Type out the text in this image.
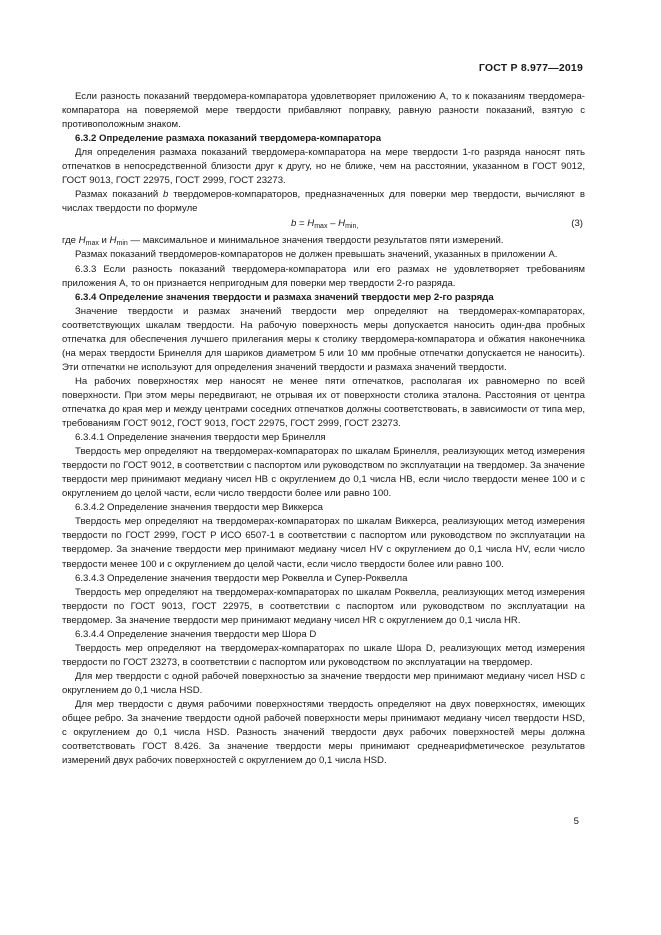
ГОСТ Р 8.977—2019

Если разность показаний твердомера-компаратора удовлетворяет приложению А, то к показаниям твердомера-компаратора на поверяемой мере твердости прибавляют поправку, равную разности показаний, взятую с противоположным знаком.

6.3.2 Определение размаха показаний твердомера-компаратора

Для определения размаха показаний твердомера-компаратора на мере твердости 1-го разряда наносят пять отпечатков в непосредственной близости друг к другу, но не ближе, чем на расстоянии, указанном в ГОСТ 9012, ГОСТ 9013, ГОСТ 22975, ГОСТ 2999, ГОСТ 23273.

Размах показаний b твердомеров-компараторов, предназначенных для поверки мер твердости, вычисляют в числах твердости по формуле

$b = H_{max} - H_{min,}$	(3)

где $H_{max}$ и $H_{min}$ — максимальное и минимальное значения твердости результатов пяти измерений.

Размах показаний твердомеров-компараторов не должен превышать значений, указанных в приложении А.

6.3.3 Если разность показаний твердомера-компаратора или его размах не удовлетворяет требованиям приложения А, то он признается непригодным для поверки мер твердости 2-го разряда.

6.3.4 Определение значения твердости и размаха значений твердости мер 2-го разряда

Значение твердости и размах значений твердости мер определяют на твердомерах-компараторах, соответствующих шкалам твердости. На рабочую поверхность меры допускается наносить один-два пробных отпечатка для обеспечения лучшего прилегания меры к столику твердомера-компаратора и обжатия наконечника (на мерах твердости Бринелля для шариков диаметром 5 или 10 мм пробные отпечатки допускается не наносить). Эти отпечатки не используют для определения значений твердости и размаха значений твердости.

На рабочих поверхностях мер наносят не менее пяти отпечатков, располагая их равномерно по всей поверхности. При этом меры передвигают, не отрывая их от поверхности столика эталона. Расстояния от центра отпечатка до края мер и между центрами соседних отпечатков должны соответствовать, в зависимости от типа мер, требованиям ГОСТ 9012, ГОСТ 9013, ГОСТ 22975, ГОСТ 2999, ГОСТ 23273.

6.3.4.1 Определение значения твердости мер Бринелля

Твердость мер определяют на твердомерах-компараторах по шкалам Бринелля, реализующих метод измерения твердости по ГОСТ 9012, в соответствии с паспортом или руководством по эксплуатации на твердомер. За значение твердости мер принимают медиану чисел НВ с округлением до 0,1 числа НВ, если число твердости менее 100 и с округлением до целой части, если число твердости более или равно 100.

6.3.4.2 Определение значения твердости мер Виккерса

Твердость мер определяют на твердомерах-компараторах по шкалам Виккерса, реализующих метод измерения твердости по ГОСТ 2999, ГОСТ Р ИСО 6507-1 в соответствии с паспортом или руководством по эксплуатации на твердомер. За значение твердости мер принимают медиану чисел HV с округлением до 0,1 числа HV, если число твердости менее 100 и с округлением до целой части, если число твердости более или равно 100.

6.3.4.3 Определение значения твердости мер Роквелла и Супер-Роквелла

Твердость мер определяют на твердомерах-компараторах по шкалам Роквелла, реализующих метод измерения твердости по ГОСТ 9013, ГОСТ 22975, в соответствии с паспортом или руководством по эксплуатации на твердомер. За значение твердости мер принимают медиану чисел HR с округлением до 0,1 числа HR.

6.3.4.4 Определение значения твердости мер Шора D

Твердость мер определяют на твердомерах-компараторах по шкале Шора D, реализующих метод измерения твердости по ГОСТ 23273, в соответствии с паспортом или руководством по эксплуатации на твердомер.

Для мер твердости с одной рабочей поверхностью за значение твердости мер принимают медиану чисел HSD с округлением до 0,1 числа HSD.

Для мер твердости с двумя рабочими поверхностями твердость определяют на двух поверхностях, имеющих общее ребро. За значение твердости одной рабочей поверхности меры принимают медиану чисел твердости HSD, с округлением до 0,1 числа HSD. Разность значений твердости двух рабочих поверхностей меры должна соответствовать ГОСТ 8.426. За значение твердости меры принимают среднеарифметическое результатов измерений двух рабочих поверхностей с округлением до 0,1 числа HSD.

5
